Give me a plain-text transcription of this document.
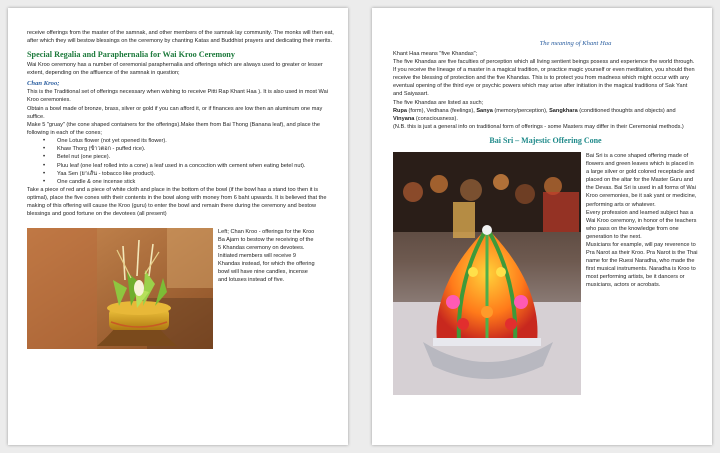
receive offerings from the master of the samnak, and other members of the samnak lay community. The monks will then eat, after which they will bestow blessings on the ceremony by chanting Katas and Buddhist prayers and dedicating their merits.

Special Regalia and Paraphernalia for Wai Kroo Ceremony

Wai Kroo ceremony has a number of ceremonial paraphernalia and offerings which are always used to greater or lesser extent, depending on the affluence of the samnak in question;

Chan Kroo;

This is the Traditional set of offerings necessary when wishing to receive Pitti Rap Khant Haa ). It is also used in most Wai Kroo ceremonies.

Obtain a bowl made of bronze, brass, silver or gold if you can afford it, or if finances are low then an aluminum one may suffice.

Make 5 "gruay" (the cone shaped containers for the offerings).Make them from Bai Thong (Banana leaf), and place the following in each of the cones;

• One Lotus flower (not yet opened its flower).
• Khaw Thorg (ข้าวตอก - puffed rice).
• Betel nut (one piece).
• Pluu leaf (one leaf rolled into a cone) a leaf used in a concoction with cement when eating betel nut).
• Yaa Sen (ยาเส้น - tobacco like product).
• One candle & one incense stick

Take a piece of red and a piece of white cloth and place in the bottom of the bowl (if the bowl has a stand too then it is optimal), place the five cones with their contents in the bowl along with money from 6 baht upwards. It is believed that the making of this offering will cause the Kroo (guru) to enter the bowl and remain there during the ceremony and bestow blessings and good fortune on the devotees (all present)

Left; Chan Kroo - offerings for the Kroo Ba Ajarn to bestow the receiving of the 5 Khandas ceremony on devotees. Initiated members will receive 9 Khandas instead, for which the offering bowl will have nine candles, incense and lotuses instead of five.

The meaning of Khant Haa

Khant Haa means "five Khandas";

The five Khandas are five faculties of perception which all living sentient beings posess and experience the world through. If you receive the lineage of a master in a magical tradition, or practice magic yourself or even meditation, you should then receive the blessing of protection and the five Khandas. This is to protect you from madness which might occur with any eventual opening of the third eye or psychic powers which may arise after initiation in the magical traditions of Sak Yant and Saiyasart.

The five Khandas are listed as such;

Rupa (form), Vedhana (feelings), Sanya (memory/perception), Sangkhara (conditioned thoughts and objects) and Vinyana (consciousness).

(N.B. this is just a general info on traditional form of offerings - some Masters may differ in their Ceremonial methods.)

Bai Sri – Majestic Offering Cone

Bai Sri is a cone shaped offering made of flowers and green leaves which is placed in a large silver or gold colored receptacle and placed on the altar for the Master Guru and the Devas. Bai Sri is used in all forms of Wai Kroo ceremonies, be it sak yant or medicine, performing arts or whatever.

Every profession and learned subject has a Wai Kroo ceremony, in honor of the teachers who pass on the knowledge from one generation to the next.

Musicians for example, will pay reverence to Pra Narot as their Kroo. Pra Narot is the Thai name for the Ruesi Naradha, who made the first musical instruments. Naradha is Kroo to most performing artists, be it dancers or musicians, actors or acrobats.
